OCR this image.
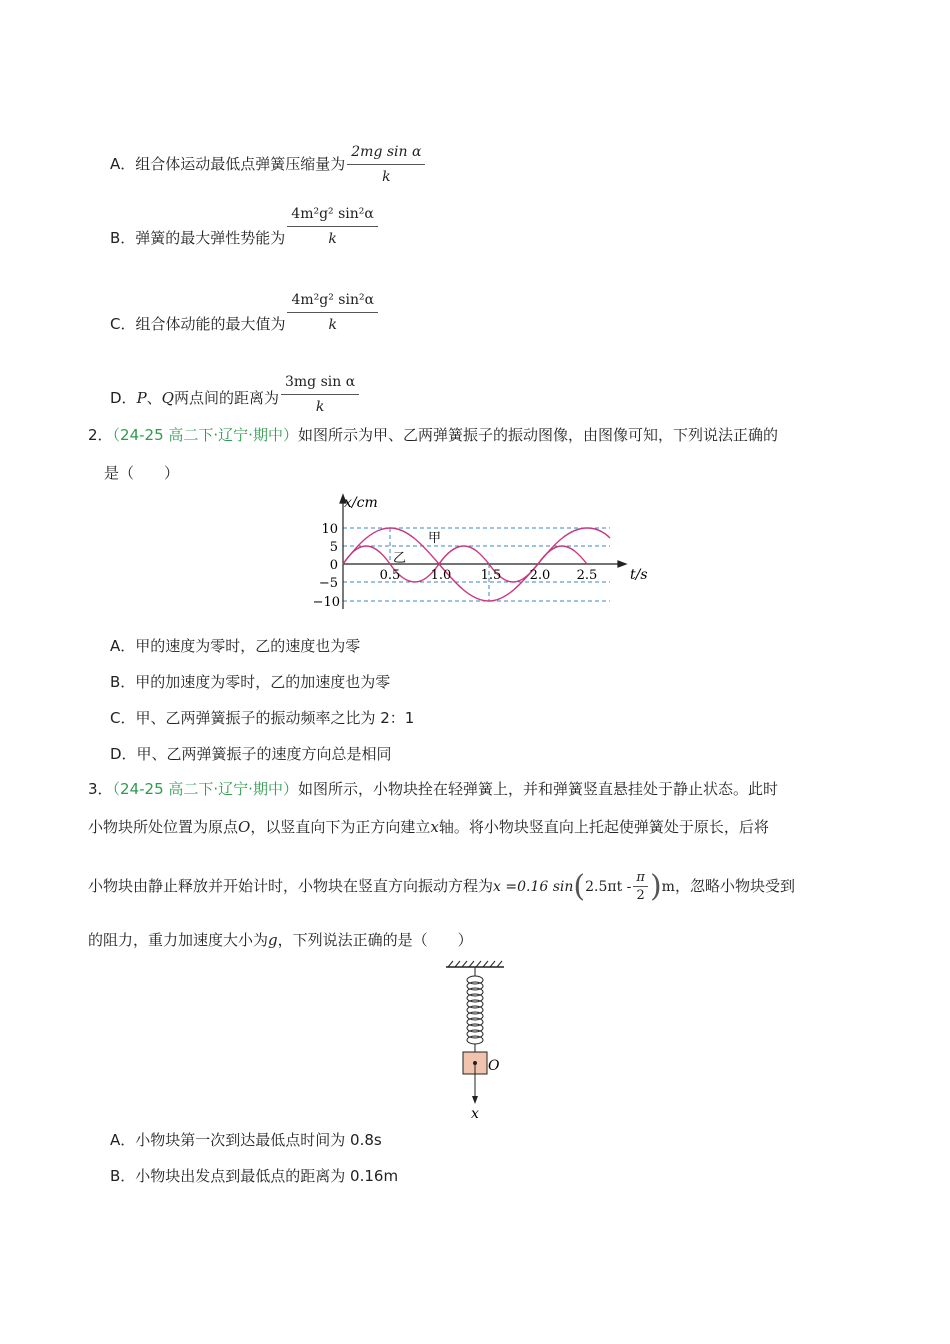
A．组合体运动最低点弹簧压缩量为 $\frac{\text{2mg sin α}}{k}$
B．弹簧的最大弹性势能为 $\frac{\text{4m²g² sin²α}}{k}$
C．组合体动能的最大值为 $\frac{\text{4m²g² sin²α}}{k}$
D．P、Q两点间的距离为 $\frac{\text{3mg sin α}}{k}$
2．（24-25 高二下·辽宁·期中）如图所示为甲、乙两弹簧振子的振动图像，由图像可知，下列说法正确的
是（　　）
x/cm
t/s
10
5
0
−5
−10
0.5 1.0 1.5 2.0 2.5
甲
乙
A．甲的速度为零时，乙的速度也为零
B．甲的加速度为零时，乙的加速度也为零
C．甲、乙两弹簧振子的振动频率之比为 2：1
D．甲、乙两弹簧振子的速度方向总是相同
3．（24-25 高二下·辽宁·期中）如图所示，小物块拴在轻弹簧上，并和弹簧竖直悬挂处于静止状态。此时
小物块所处位置为原点O，以竖直向下为正方向建立x轴。将小物块竖直向上托起使弹簧处于原长，后将
小物块由静止释放并开始计时，小物块在竖直方向振动方程为x =0.16 $\sin(2.5\pi t - \frac{\pi}{2} )m$，忽略小物块受到
的阻力，重力加速度大小为g，下列说法正确的是（　　）
O
x
A．小物块第一次到达最低点时间为 0.8s
B．小物块出发点到最低点的距离为 0.16m
